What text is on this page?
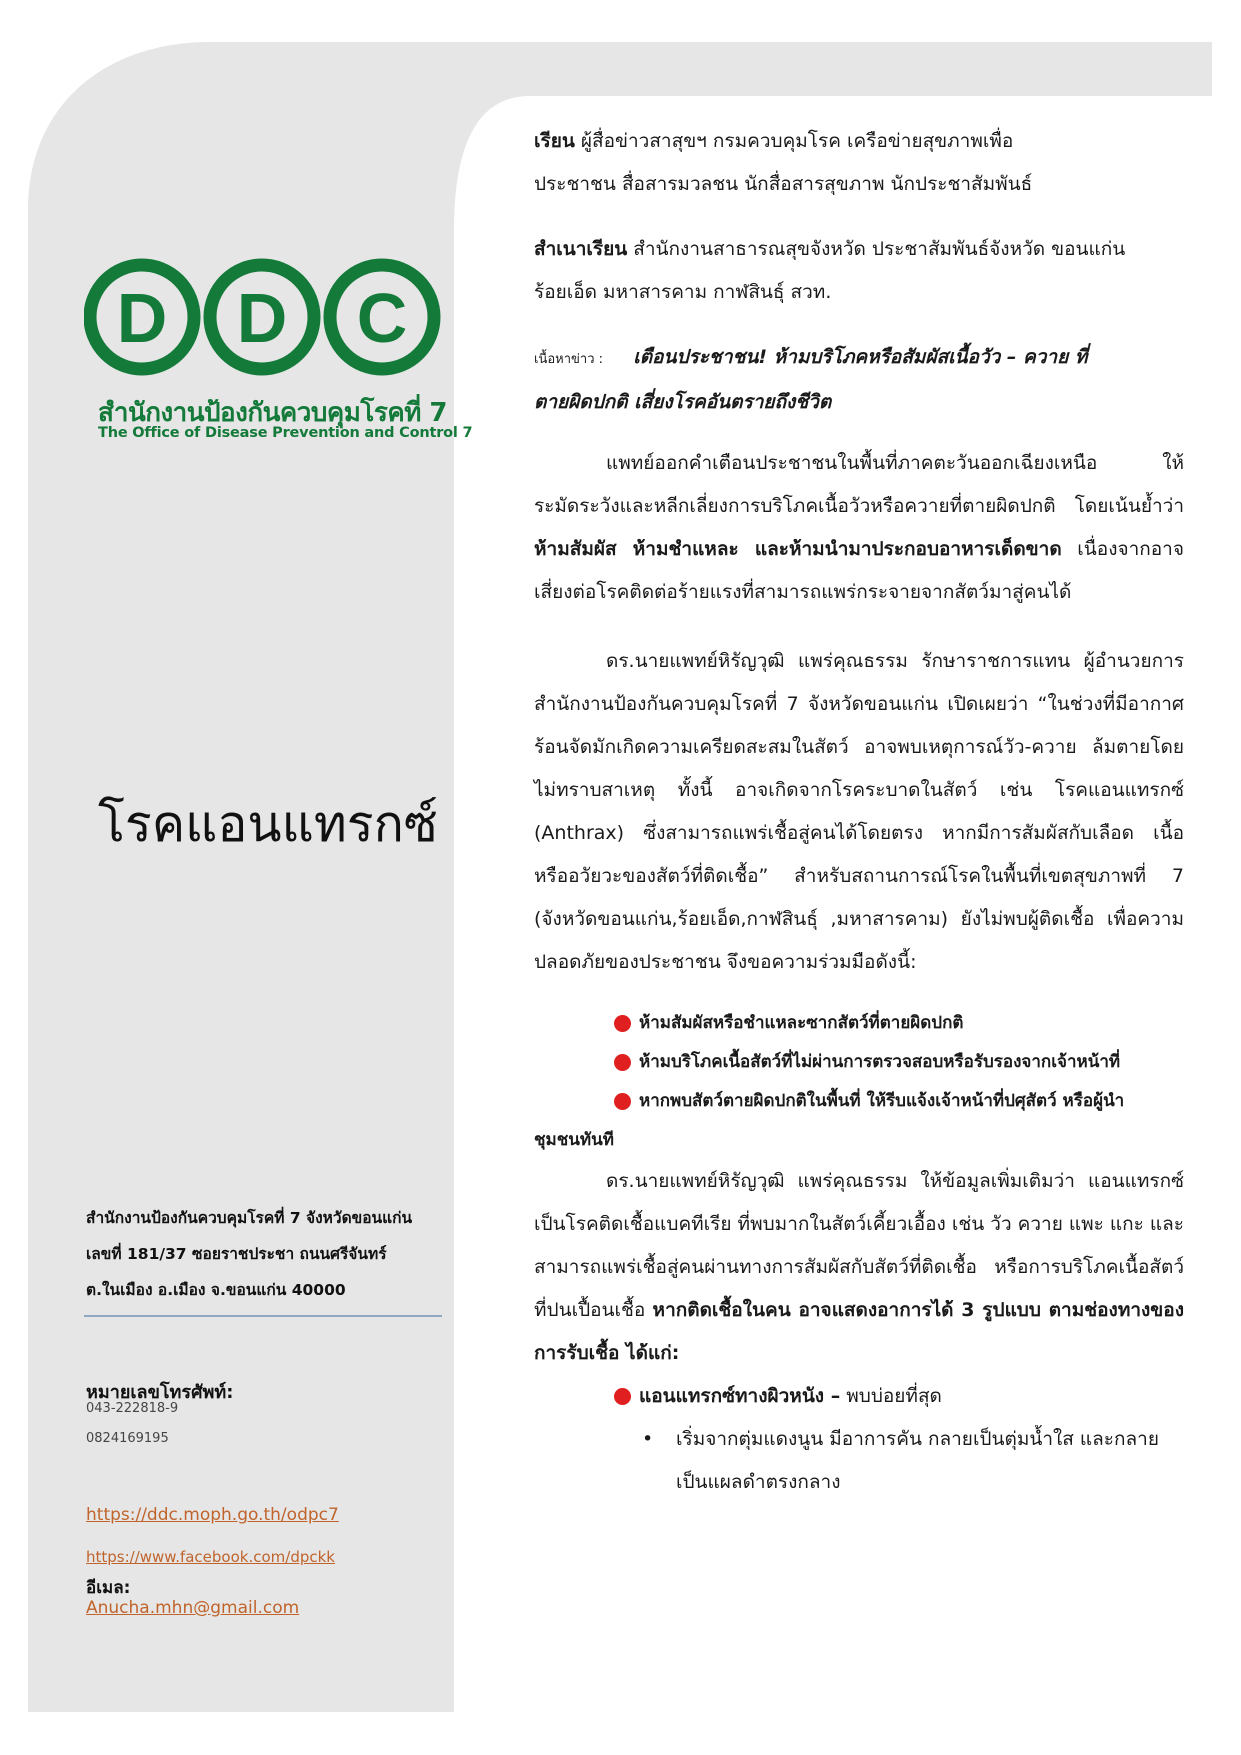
D D C
สำนักงานป้องกันควบคุมโรคที่ 7
The Office of Disease Prevention and Control 7
โรคแอนแทรกซ์
สำนักงานป้องกันควบคุมโรคที่ 7 จังหวัดขอนแก่น
เลขที่ 181/37 ซอยราชประชา ถนนศรีจันทร์
ต.ในเมือง อ.เมือง จ.ขอนแก่น 40000
หมายเลขโทรศัพท์:
043-222818-9
0824169195
https://ddc.moph.go.th/odpc7
https://www.facebook.com/dpckk
อีเมล:
Anucha.mhn@gmail.com

เรียน ผู้สื่อข่าวสาสุขฯ กรมควบคุมโรค เครือข่ายสุขภาพเพื่อ

ประชาชน สื่อสารมวลชน นักสื่อสารสุขภาพ นักประชาสัมพันธ์

สำเนาเรียน สำนักงานสาธารณสุขจังหวัด ประชาสัมพันธ์จังหวัด ขอนแก่น

ร้อยเอ็ด มหาสารคาม กาฬสินธุ์ สวท.

เนื้อหาข่าว : เตือนประชาชน! ห้ามบริโภคหรือสัมผัสเนื้อวัว – ควาย ที่

ตายผิดปกติ เสี่ยงโรคอันตรายถึงชีวิต

แพทย์ออกคำเตือนประชาชนในพื้นที่ภาคตะวันออกเฉียงเหนือ ให้ระมัดระวังและหลีกเลี่ยงการบริโภคเนื้อวัวหรือควายที่ตายผิดปกติ โดยเน้นย้ำว่า ห้ามสัมผัส ห้ามชำแหละ และห้ามนำมาประกอบอาหารเด็ดขาด เนื่องจากอาจเสี่ยงต่อโรคติดต่อร้ายแรงที่สามารถแพร่กระจายจากสัตว์มาสู่คนได้

ดร.นายแพทย์หิรัญวุฒิ แพร่คุณธรรม รักษาราชการแทน ผู้อำนวยการสำนักงานป้องกันควบคุมโรคที่ 7 จังหวัดขอนแก่น เปิดเผยว่า “ในช่วงที่มีอากาศร้อนจัดมักเกิดความเครียดสะสมในสัตว์ อาจพบเหตุการณ์วัว-ควาย ล้มตายโดยไม่ทราบสาเหตุ ทั้งนี้ อาจเกิดจากโรคระบาดในสัตว์ เช่น โรคแอนแทรกซ์ (Anthrax) ซึ่งสามารถแพร่เชื้อสู่คนได้โดยตรง หากมีการสัมผัสกับเลือด เนื้อ หรืออวัยวะของสัตว์ที่ติดเชื้อ” สำหรับสถานการณ์โรคในพื้นที่เขตสุขภาพที่ 7 (จังหวัดขอนแก่น,ร้อยเอ็ด,กาฬสินธุ์ ,มหาสารคาม) ยังไม่พบผู้ติดเชื้อ เพื่อความปลอดภัยของประชาชน จึงขอความร่วมมือดังนี้:

ห้ามสัมผัสหรือชำแหละซากสัตว์ที่ตายผิดปกติ
ห้ามบริโภคเนื้อสัตว์ที่ไม่ผ่านการตรวจสอบหรือรับรองจากเจ้าหน้าที่
หากพบสัตว์ตายผิดปกติในพื้นที่ ให้รีบแจ้งเจ้าหน้าที่ปศุสัตว์ หรือผู้นำ

ชุมชนทันที

ดร.นายแพทย์หิรัญวุฒิ แพร่คุณธรรม ให้ข้อมูลเพิ่มเติมว่า แอนแทรกซ์ เป็นโรคติดเชื้อแบคทีเรีย ที่พบมากในสัตว์เคี้ยวเอื้อง เช่น วัว ควาย แพะ แกะ และสามารถแพร่เชื้อสู่คนผ่านทางการสัมผัสกับสัตว์ที่ติดเชื้อ หรือการบริโภคเนื้อสัตว์ที่ปนเปื้อนเชื้อ หากติดเชื้อในคน อาจแสดงอาการได้ 3 รูปแบบ ตามช่องทางของการรับเชื้อ ได้แก่:

แอนแทรกซ์ทางผิวหนัง – พบบ่อยที่สุด
•	เริ่มจากตุ่มแดงนูน มีอาการคัน กลายเป็นตุ่มน้ำใส และกลายเป็นแผลดำตรงกลาง
